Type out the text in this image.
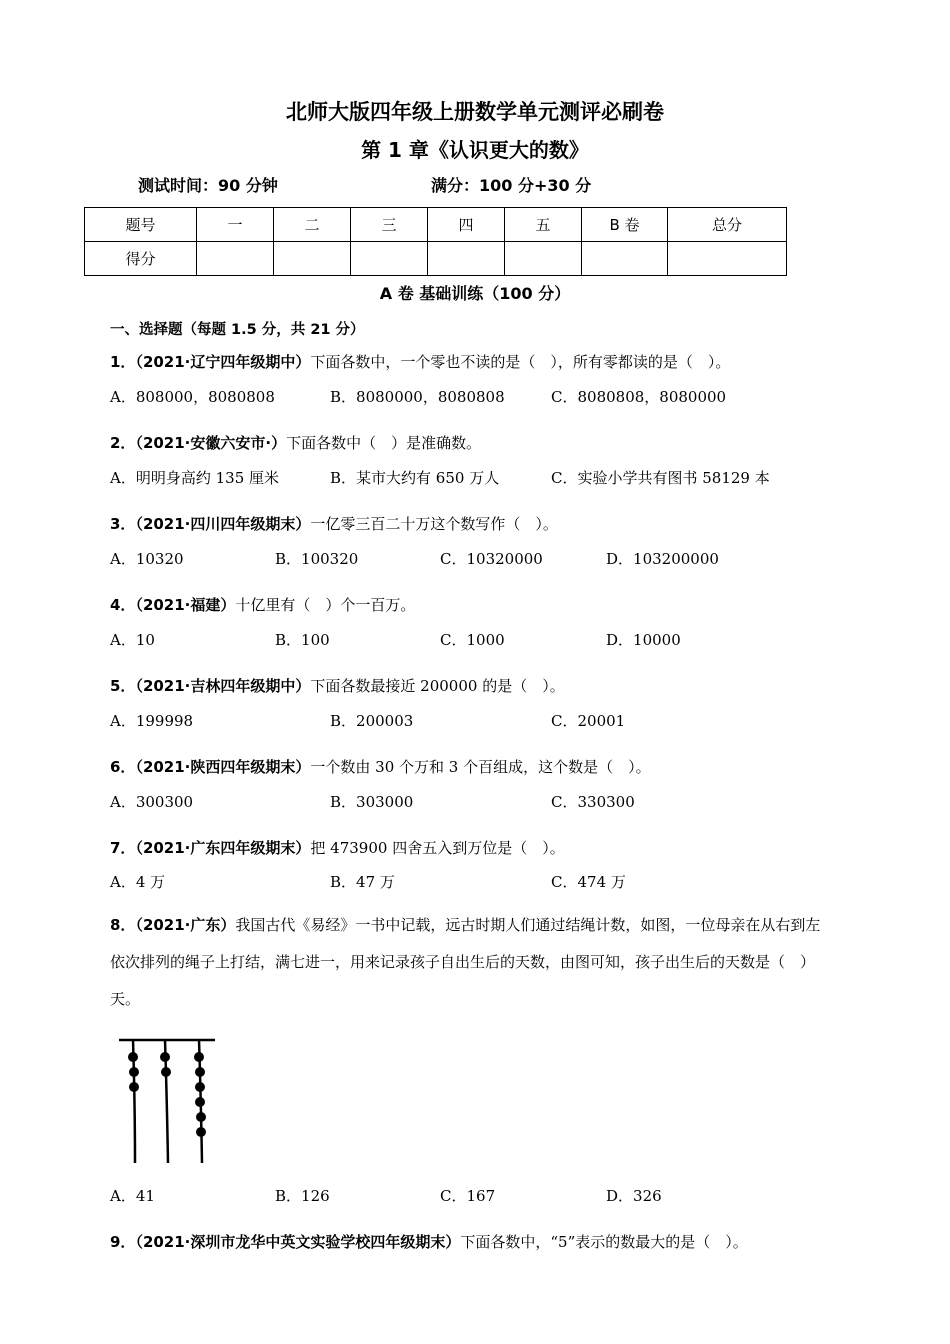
北师大版四年级上册数学单元测评必刷卷
第 1 章《认识更大的数》
测试时间：90 分钟	满分：100 分+30 分
题号	一	二	三	四	五	B 卷	总分
得分							
A 卷 基础训练（100 分）
一、选择题（每题 1.5 分，共 21 分）
1．（2021·辽宁四年级期中）下面各数中，一个零也不读的是（　），所有零都读的是（　）。
A．808000，8080808	B．8080000，8080808	C．8080808，8080000
2．（2021·安徽六安市·）下面各数中（　）是准确数。
A．明明身高约 135 厘米	B．某市大约有 650 万人	C．实验小学共有图书 58129 本
3．（2021·四川四年级期末）一亿零三百二十万这个数写作（　）。
A．10320	B．100320	C．10320000	D．103200000
4．（2021·福建）十亿里有（　）个一百万。
A．10	B．100	C．1000	D．10000
5．（2021·吉林四年级期中）下面各数最接近 200000 的是（　）。
A．199998	B．200003	C．20001
6．（2021·陕西四年级期末）一个数由 30 个万和 3 个百组成，这个数是（　）。
A．300300	B．303000	C．330300
7．（2021·广东四年级期末）把 473900 四舍五入到万位是（　）。
A．4 万	B．47 万	C．474 万
8．（2021·广东）我国古代《易经》一书中记载，远古时期人们通过结绳计数，如图，一位母亲在从右到左依次排列的绳子上打结，满七进一，用来记录孩子自出生后的天数，由图可知，孩子出生后的天数是（　）天。
A．41	B．126	C．167	D．326
9．（2021·深圳市龙华中英文实验学校四年级期末）下面各数中，“5”表示的数最大的是（　）。
